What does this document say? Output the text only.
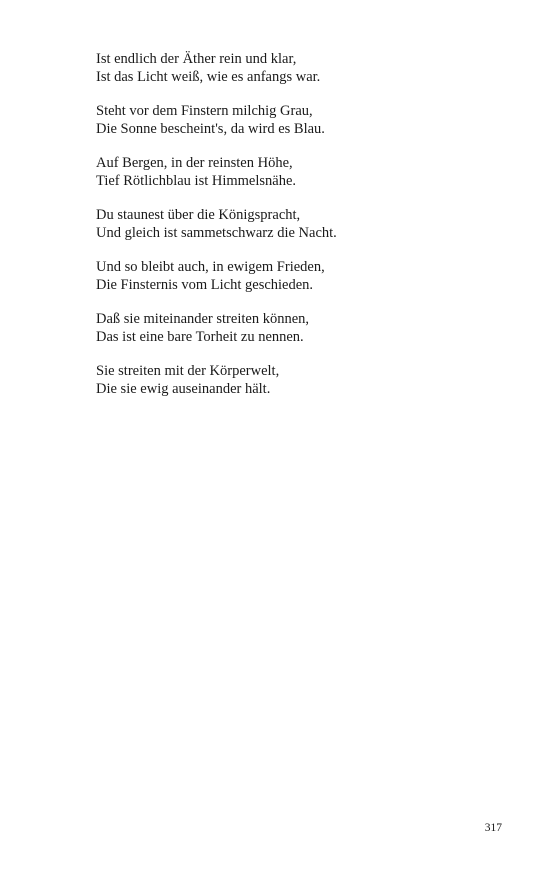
Ist endlich der Äther rein und klar,
Ist das Licht weiß, wie es anfangs war.
Steht vor dem Finstern milchig Grau,
Die Sonne bescheint's, da wird es Blau.
Auf Bergen, in der reinsten Höhe,
Tief Rötlichblau ist Himmelsnähe.
Du staunest über die Königspracht,
Und gleich ist sammetschwarz die Nacht.
Und so bleibt auch, in ewigem Frieden,
Die Finsternis vom Licht geschieden.
Daß sie miteinander streiten können,
Das ist eine bare Torheit zu nennen.
Sie streiten mit der Körperwelt,
Die sie ewig auseinander hält.
317
